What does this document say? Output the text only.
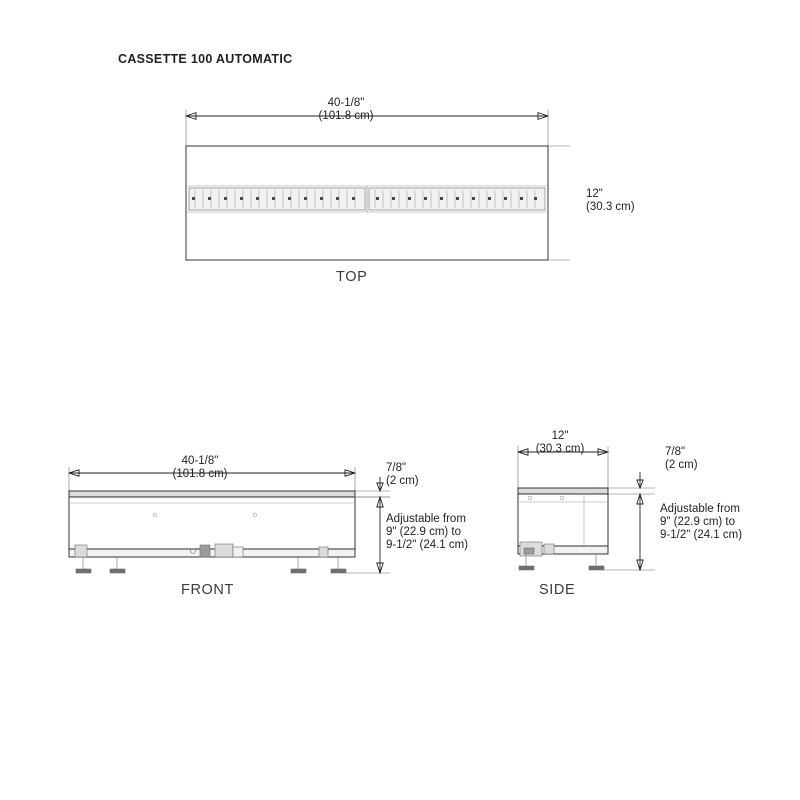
CASSETTE 100 AUTOMATIC
40-1/8"
(101.8 cm)
12"
(30.3 cm)
TOP
40-1/8"
(101.8 cm)	7/8"
(2 cm)
Adjustable from
9" (22.9 cm) to
9-1/2" (24.1 cm)
FRONT
12"
(30.3 cm)	7/8"
(2 cm)
Adjustable from
9" (22.9 cm) to
9-1/2" (24.1 cm)
SIDE
